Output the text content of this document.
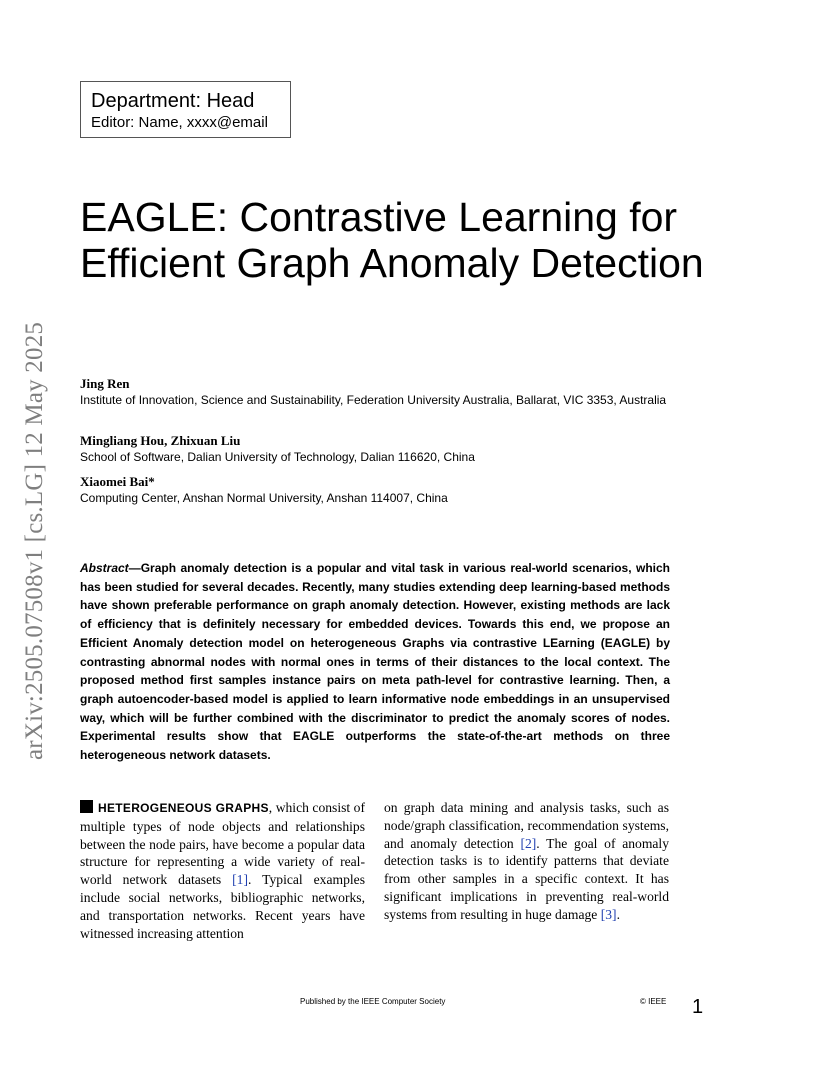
Department: Head
Editor: Name, xxxx@email
arXiv:2505.07508v1 [cs.LG] 12 May 2025
EAGLE: Contrastive Learning for Efficient Graph Anomaly Detection
Jing Ren
Institute of Innovation, Science and Sustainability, Federation University Australia, Ballarat, VIC 3353, Australia
Mingliang Hou, Zhixuan Liu
School of Software, Dalian University of Technology, Dalian 116620, China
Xiaomei Bai*
Computing Center, Anshan Normal University, Anshan 114007, China
Abstract—Graph anomaly detection is a popular and vital task in various real-world scenarios, which has been studied for several decades. Recently, many studies extending deep learning-based methods have shown preferable performance on graph anomaly detection. However, existing methods are lack of efficiency that is definitely necessary for embedded devices. Towards this end, we propose an Efficient Anomaly detection model on heterogeneous Graphs via contrastive LEarning (EAGLE) by contrasting abnormal nodes with normal ones in terms of their distances to the local context. The proposed method first samples instance pairs on meta path-level for contrastive learning. Then, a graph autoencoder-based model is applied to learn informative node embeddings in an unsupervised way, which will be further combined with the discriminator to predict the anomaly scores of nodes. Experimental results show that EAGLE outperforms the state-of-the-art methods on three heterogeneous network datasets.
HETEROGENEOUS GRAPHS, which consist of multiple types of node objects and relationships between the node pairs, have become a popular data structure for representing a wide variety of real-world network datasets [1]. Typical examples include social networks, bibliographic networks, and transportation networks. Recent years have witnessed increasing attention
on graph data mining and analysis tasks, such as node/graph classification, recommendation systems, and anomaly detection [2]. The goal of anomaly detection tasks is to identify patterns that deviate from other samples in a specific context. It has significant implications in preventing real-world systems from resulting in huge damage [3].
Published by the IEEE Computer Society	© IEEE 1
